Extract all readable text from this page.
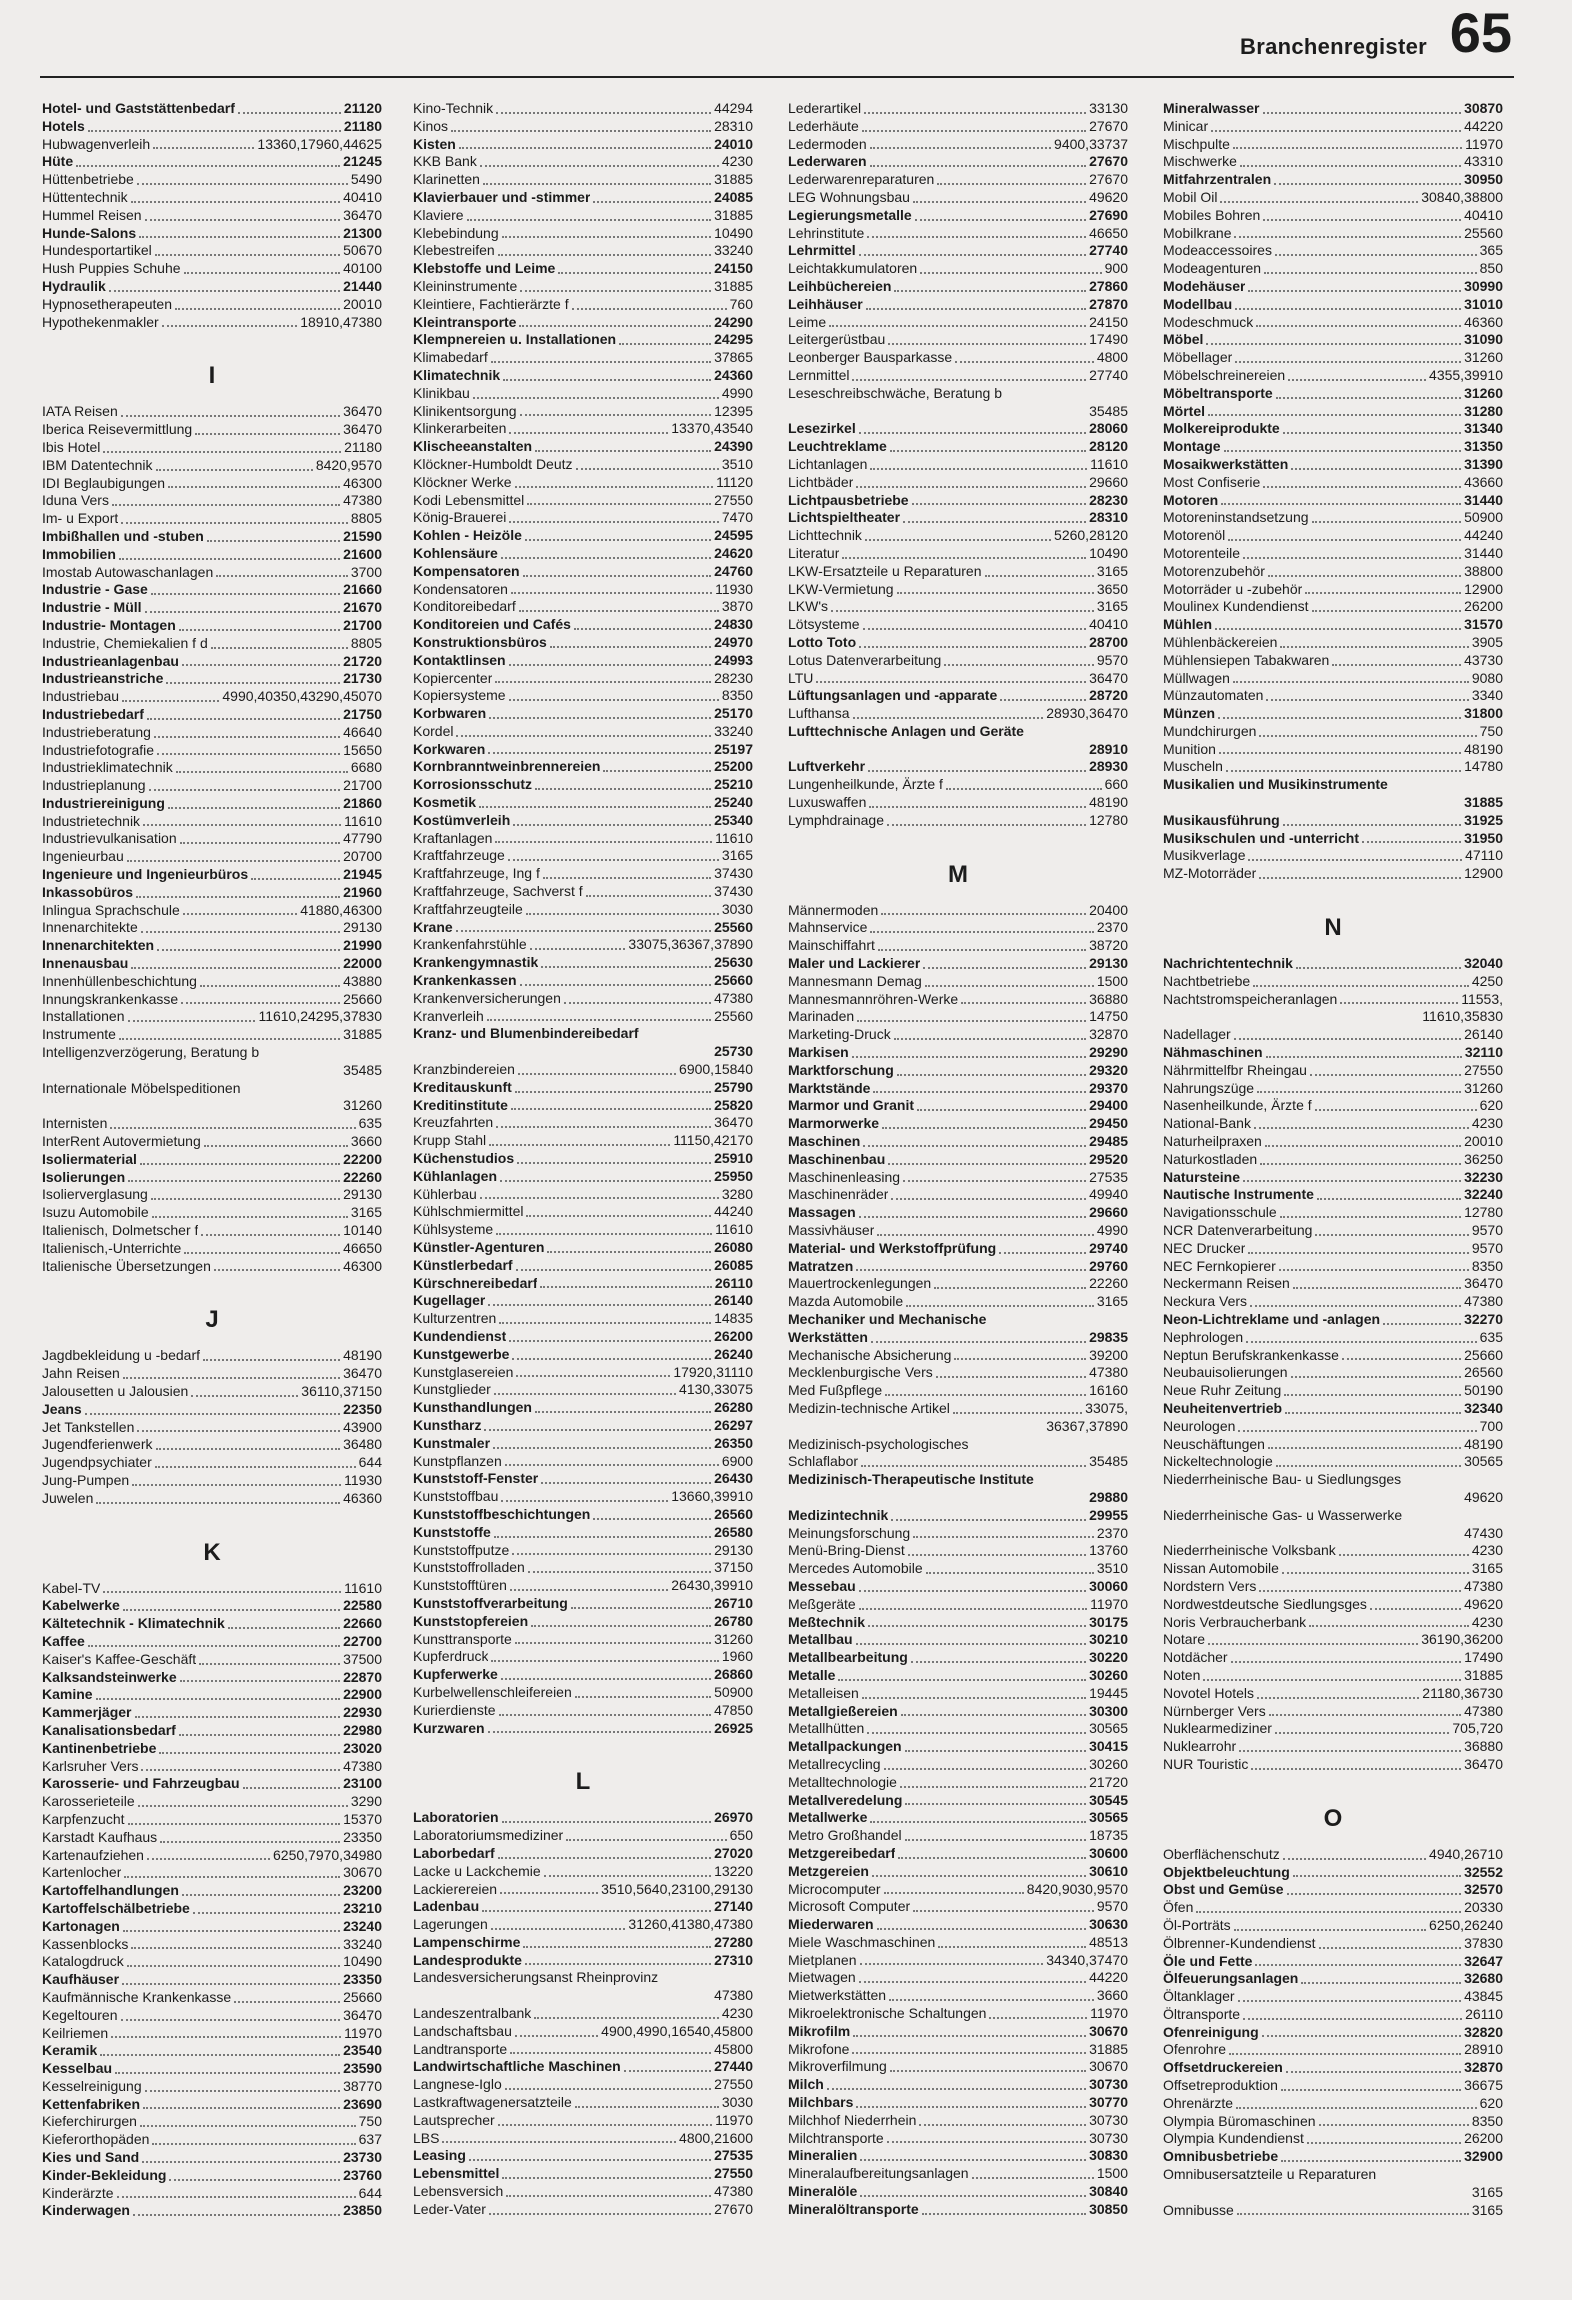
Branchenregister 65
Hotel- und Gaststättenbedarf	21120
Hotels	21180
Hubwagenverleih	13360,17960,44625
Hüte	21245
Hüttenbetriebe	5490
Hüttentechnik	40410
Hummel Reisen	36470
Hunde-Salons	21300
Hundesportartikel	50670
Hush Puppies Schuhe	40100
Hydraulik	21440
Hypnosetherapeuten	20010
Hypothekenmakler	18910,47380
I
IATA Reisen	36470
Iberica Reisevermittlung	36470
Ibis Hotel	21180
IBM Datentechnik	8420,9570
IDI Beglaubigungen	46300
Iduna Vers	47380
Im- u Export	8805
Imbißhallen und -stuben	21590
Immobilien	21600
Imostab Autowaschanlagen	3700
Industrie - Gase	21660
Industrie - Müll	21670
Industrie- Montagen	21700
Industrie, Chemiekalien f d	8805
Industrieanlagenbau	21720
Industrieanstriche	21730
Industriebau	4990,40350,43290,45070
Industriebedarf	21750
Industrieberatung	46640
Industriefotografie	15650
Industrieklimatechnik	6680
Industrieplanung	21700
Industriereinigung	21860
Industrietechnik	11610
Industrievulkanisation	47790
Ingenieurbau	20700
Ingenieure und Ingenieurbüros	21945
Inkassobüros	21960
Inlingua Sprachschule	41880,46300
Innenarchitekte	29130
Innenarchitekten	21990
Innenausbau	22000
Innenhüllenbeschichtung	43880
Innungskrankenkasse	25660
Installationen	11610,24295,37830
Instrumente	31885
Intelligenzverzögerung, Beratung b
35485
Internationale Möbelspeditionen
31260
Internisten	635
InterRent Autovermietung	3660
Isoliermaterial	22200
Isolierungen	22260
Isolierverglasung	29130
Isuzu Automobile	3165
Italienisch, Dolmetscher f	10140
Italienisch,-Unterrichte	46650
Italienische Übersetzungen	46300
J
Jagdbekleidung u -bedarf	48190
Jahn Reisen	36470
Jalousetten u Jalousien	36110,37150
Jeans	22350
Jet Tankstellen	43900
Jugendferienwerk	36480
Jugendpsychiater	644
Jung-Pumpen	11930
Juwelen	46360
K
Kabel-TV	11610
Kabelwerke	22580
Kältetechnik - Klimatechnik	22660
Kaffee	22700
Kaiser's Kaffee-Geschäft	37500
Kalksandsteinwerke	22870
Kamine	22900
Kammerjäger	22930
Kanalisationsbedarf	22980
Kantinenbetriebe	23020
Karlsruher Vers	47380
Karosserie- und Fahrzeugbau	23100
Karosserieteile	3290
Karpfenzucht	15370
Karstadt Kaufhaus	23350
Kartenaufziehen	6250,7970,34980
Kartenlocher	30670
Kartoffelhandlungen	23200
Kartoffelschälbetriebe	23210
Kartonagen	23240
Kassenblocks	33240
Katalogdruck	10490
Kaufhäuser	23350
Kaufmännische Krankenkasse	25660
Kegeltouren	36470
Keilriemen	11970
Keramik	23540
Kesselbau	23590
Kesselreinigung	38770
Kettenfabriken	23690
Kieferchirurgen	750
Kieferorthopäden	637
Kies und Sand	23730
Kinder-Bekleidung	23760
Kinderärzte	644
Kinderwagen	23850
Kino-Technik	44294
Kinos	28310
Kisten	24010
KKB Bank	4230
Klarinetten	31885
Klavierbauer und -stimmer	24085
Klaviere	31885
Klebebindung	10490
Klebestreifen	33240
Klebstoffe und Leime	24150
Kleininstrumente	31885
Kleintiere, Fachtierärzte f	760
Kleintransporte	24290
Klempnereien u. Installationen	24295
Klimabedarf	37865
Klimatechnik	24360
Klinikbau	4990
Klinikentsorgung	12395
Klinkerarbeiten	13370,43540
Klischeeanstalten	24390
Klöckner-Humboldt Deutz	3510
Klöckner Werke	11120
Kodi Lebensmittel	27550
König-Brauerei	7470
Kohlen - Heizöle	24595
Kohlensäure	24620
Kompensatoren	24760
Kondensatoren	11930
Konditoreibedarf	3870
Konditoreien und Cafés	24830
Konstruktionsbüros	24970
Kontaktlinsen	24993
Kopiercenter	28230
Kopiersysteme	8350
Korbwaren	25170
Kordel	33240
Korkwaren	25197
Kornbranntweinbrennereien	25200
Korrosionsschutz	25210
Kosmetik	25240
Kostümverleih	25340
Kraftanlagen	11610
Kraftfahrzeuge	3165
Kraftfahrzeuge, Ing f	37430
Kraftfahrzeuge, Sachverst f	37430
Kraftfahrzeugteile	3030
Krane	25560
Krankenfahrstühle	33075,36367,37890
Krankengymnastik	25630
Krankenkassen	25660
Krankenversicherungen	47380
Kranverleih	25560
Kranz- und Blumenbindereibedarf
25730
Kranzbindereien	6900,15840
Kreditauskunft	25790
Kreditinstitute	25820
Kreuzfahrten	36470
Krupp Stahl	11150,42170
Küchenstudios	25910
Kühlanlagen	25950
Kühlerbau	3280
Kühlschmiermittel	44240
Kühlsysteme	11610
Künstler-Agenturen	26080
Künstlerbedarf	26085
Kürschnereibedarf	26110
Kugellager	26140
Kulturzentren	14835
Kundendienst	26200
Kunstgewerbe	26240
Kunstglasereien	17920,31110
Kunstglieder	4130,33075
Kunsthandlungen	26280
Kunstharz	26297
Kunstmaler	26350
Kunstpflanzen	6900
Kunststoff-Fenster	26430
Kunststoffbau	13660,39910
Kunststoffbeschichtungen	26560
Kunststoffe	26580
Kunststoffputze	29130
Kunststoffrolladen	37150
Kunststofftüren	26430,39910
Kunststoffverarbeitung	26710
Kunststopfereien	26780
Kunsttransporte	31260
Kupferdruck	1960
Kupferwerke	26860
Kurbelwellenschleifereien	50900
Kurierdienste	47850
Kurzwaren	26925
L
Laboratorien	26970
Laboratoriumsmediziner	650
Laborbedarf	27020
Lacke u Lackchemie	13220
Lackierereien	3510,5640,23100,29130
Ladenbau	27140
Lagerungen	31260,41380,47380
Lampenschirme	27280
Landesprodukte	27310
Landesversicherungsanst Rheinprovinz
47380
Landeszentralbank	4230
Landschaftsbau	4900,4990,16540,45800
Landtransporte	45800
Landwirtschaftliche Maschinen	27440
Langnese-Iglo	27550
Lastkraftwagenersatzteile	3030
Lautsprecher	11970
LBS	4800,21600
Leasing	27535
Lebensmittel	27550
Lebensversich	47380
Leder-Vater	27670
Lederartikel	33130
Lederhäute	27670
Ledermoden	9400,33737
Lederwaren	27670
Lederwarenreparaturen	27670
LEG Wohnungsbau	49620
Legierungsmetalle	27690
Lehrinstitute	46650
Lehrmittel	27740
Leichtakkumulatoren	900
Leihbüchereien	27860
Leihhäuser	27870
Leime	24150
Leitergerüstbau	17490
Leonberger Bausparkasse	4800
Lernmittel	27740
Leseschreibschwäche, Beratung b
35485
Lesezirkel	28060
Leuchtreklame	28120
Lichtanlagen	11610
Lichtbäder	29660
Lichtpausbetriebe	28230
Lichtspieltheater	28310
Lichttechnik	5260,28120
Literatur	10490
LKW-Ersatzteile u Reparaturen	3165
LKW-Vermietung	3650
LKW's	3165
Lötsysteme	40410
Lotto Toto	28700
Lotus Datenverarbeitung	9570
LTU	36470
Lüftungsanlagen und -apparate	28720
Lufthansa	28930,36470
Lufttechnische Anlagen und Geräte
28910
Luftverkehr	28930
Lungenheilkunde, Ärzte f	660
Luxuswaffen	48190
Lymphdrainage	12780
M
Männermoden	20400
Mahnservice	2370
Mainschiffahrt	38720
Maler und Lackierer	29130
Mannesmann Demag	1500
Mannesmannröhren-Werke	36880
Marinaden	14750
Marketing-Druck	32870
Markisen	29290
Marktforschung	29320
Marktstände	29370
Marmor und Granit	29400
Marmorwerke	29450
Maschinen	29485
Maschinenbau	29520
Maschinenleasing	27535
Maschinenräder	49940
Massagen	29660
Massivhäuser	4990
Material- und Werkstoffprüfung	29740
Matratzen	29760
Mauertrockenlegungen	22260
Mazda Automobile	3165
Mechaniker und Mechanische
Werkstätten	29835
Mechanische Absicherung	39200
Mecklenburgische Vers	47380
Med Fußpflege	16160
Medizin-technische Artikel	33075,
36367,37890
Medizinisch-psychologisches
Schlaflabor	35485
Medizinisch-Therapeutische Institute
29880
Medizintechnik	29955
Meinungsforschung	2370
Menü-Bring-Dienst	13760
Mercedes Automobile	3510
Messebau	30060
Meßgeräte	11970
Meßtechnik	30175
Metallbau	30210
Metallbearbeitung	30220
Metalle	30260
Metalleisen	19445
Metallgießereien	30300
Metallhütten	30565
Metallpackungen	30415
Metallrecycling	30260
Metalltechnologie	21720
Metallveredelung	30545
Metallwerke	30565
Metro Großhandel	18735
Metzgereibedarf	30600
Metzgereien	30610
Microcomputer	8420,9030,9570
Microsoft Computer	9570
Miederwaren	30630
Miele Waschmaschinen	48513
Mietplanen	34340,37470
Mietwagen	44220
Mietwerkstätten	3660
Mikroelektronische Schaltungen	11970
Mikrofilm	30670
Mikrofone	31885
Mikroverfilmung	30670
Milch	30730
Milchbars	30770
Milchhof Niederrhein	30730
Milchtransporte	30730
Mineralien	30830
Mineralaufbereitungsanlagen	1500
Mineralöle	30840
Mineralöltransporte	30850
Mineralwasser	30870
Minicar	44220
Mischpulte	11970
Mischwerke	43310
Mitfahrzentralen	30950
Mobil Oil	30840,38800
Mobiles Bohren	40410
Mobilkrane	25560
Modeaccessoires	365
Modeagenturen	850
Modehäuser	30990
Modellbau	31010
Modeschmuck	46360
Möbel	31090
Möbellager	31260
Möbelschreinereien	4355,39910
Möbeltransporte	31260
Mörtel	31280
Molkereiprodukte	31340
Montage	31350
Mosaikwerkstätten	31390
Most Confiserie	43660
Motoren	31440
Motoreninstandsetzung	50900
Motorenöl	44240
Motorenteile	31440
Motorenzubehör	38800
Motorräder u -zubehör	12900
Moulinex Kundendienst	26200
Mühlen	31570
Mühlenbäckereien	3905
Mühlensiepen Tabakwaren	43730
Müllwagen	9080
Münzautomaten	3340
Münzen	31800
Mundchirurgen	750
Munition	48190
Muscheln	14780
Musikalien und Musikinstrumente
31885
Musikausführung	31925
Musikschulen und -unterricht	31950
Musikverlage	47110
MZ-Motorräder	12900
N
Nachrichtentechnik	32040
Nachtbetriebe	4250
Nachtstromspeicheranlagen	11553,
11610,35830
Nadellager	26140
Nähmaschinen	32110
Nährmittelfbr Rheingau	27550
Nahrungszüge	31260
Nasenheilkunde, Ärzte f	620
National-Bank	4230
Naturheilpraxen	20010
Naturkostladen	36250
Natursteine	32230
Nautische Instrumente	32240
Navigationsschule	12780
NCR Datenverarbeitung	9570
NEC Drucker	9570
NEC Fernkopierer	8350
Neckermann Reisen	36470
Neckura Vers	47380
Neon-Lichtreklame und -anlagen	32270
Nephrologen	635
Neptun Berufskrankenkasse	25660
Neubauisolierungen	26560
Neue Ruhr Zeitung	50190
Neuheitenvertrieb	32340
Neurologen	700
Neuschäftungen	48190
Nickeltechnologie	30565
Niederrheinische Bau- u Siedlungsges
49620
Niederrheinische Gas- u Wasserwerke
47430
Niederrheinische Volksbank	4230
Nissan Automobile	3165
Nordstern Vers	47380
Nordwestdeutsche Siedlungsges	49620
Noris Verbraucherbank	4230
Notare	36190,36200
Notdächer	17490
Noten	31885
Novotel Hotels	21180,36730
Nürnberger Vers	47380
Nuklearmediziner	705,720
Nuklearrohr	36880
NUR Touristic	36470
O
Oberflächenschutz	4940,26710
Objektbeleuchtung	32552
Obst und Gemüse	32570
Öfen	20330
Öl-Porträts	6250,26240
Ölbrenner-Kundendienst	37830
Öle und Fette	32647
Ölfeuerungsanlagen	32680
Öltanklager	43845
Öltransporte	26110
Ofenreinigung	32820
Ofenrohre	28910
Offsetdruckereien	32870
Offsetreproduktion	36675
Ohrenärzte	620
Olympia Büromaschinen	8350
Olympia Kundendienst	26200
Omnibusbetriebe	32900
Omnibusersatzteile u Reparaturen
3165
Omnibusse	3165
